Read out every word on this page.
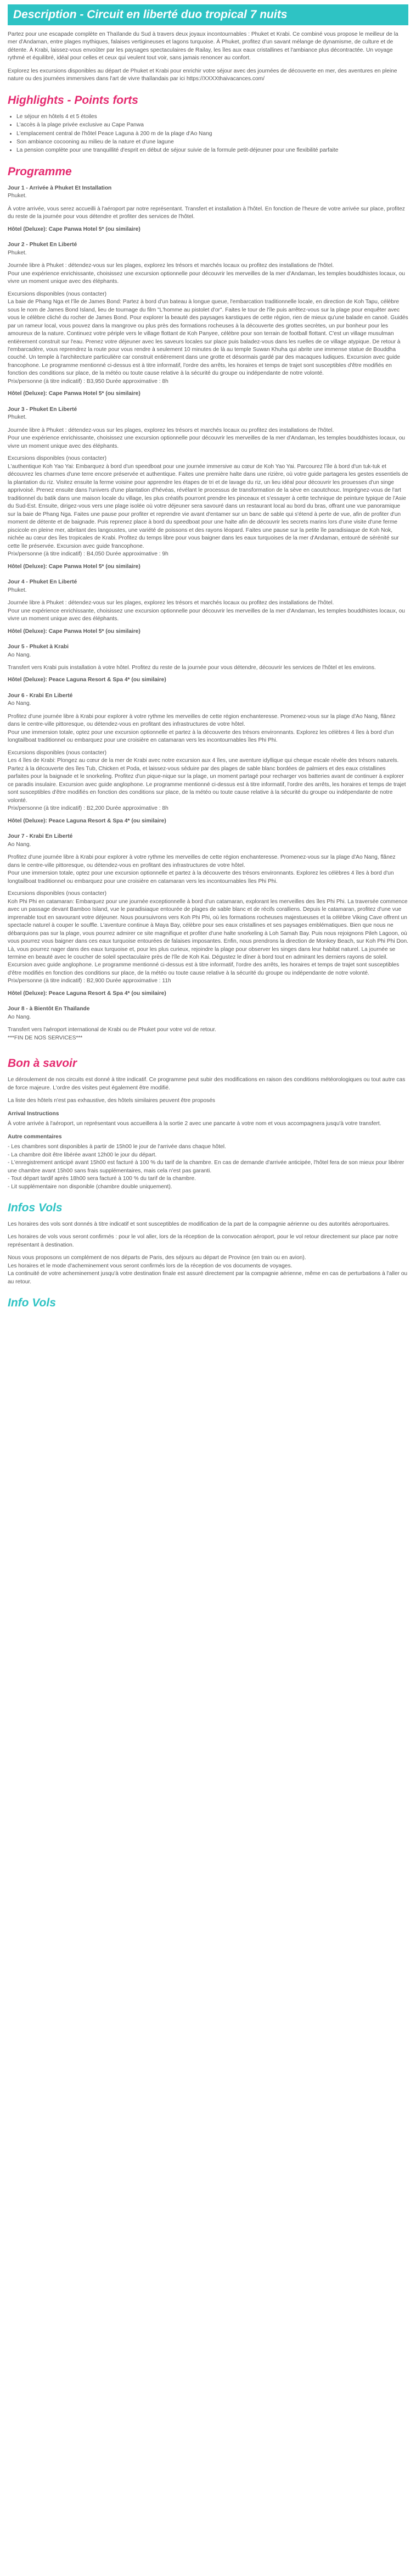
Description - Circuit en liberté duo tropical 7 nuits

Partez pour une escapade complète en Thaïlande du Sud à travers deux joyaux incontournables : Phuket et Krabi. Ce combiné vous propose le meilleur de la mer d'Andaman, entre plages mythiques, falaises vertigineuses et lagons turquoise. À Phuket, profitez d'un savant mélange de dynamisme, de culture et de détente. À Krabi, laissez-vous envoûter par les paysages spectaculaires de Railay, les îles aux eaux cristallines et l'ambiance plus décontractée. Un voyage rythmé et équilibré, idéal pour celles et ceux qui veulent tout voir, sans jamais renoncer au confort.

Explorez les excursions disponibles au départ de Phuket et Krabi pour enrichir votre séjour avec des journées de découverte en mer, des aventures en pleine nature ou des journées immersives dans l'art de vivre thaïlandais par ici https://XXXXthaivacances.com/

Highlights - Points forts
• Le séjour en hôtels 4 et 5 étoiles
• L'accès à la plage privée exclusive au Cape Panwa
• L'emplacement central de l'hôtel Peace Laguna à 200 m de la plage d'Ao Nang
• Son ambiance cocooning au milieu de la nature et d'une lagune
• La pension complète pour une tranquillité d'esprit en début de séjour suivie de la formule petit-déjeuner pour une flexibilité parfaite
Programme
Jour 1 - Arrivée à Phuket Et Installation

Phuket.

À votre arrivée, vous serez accueilli à l'aéroport par notre représentant. Transfert et installation à l'hôtel. En fonction de l'heure de votre arrivée sur place, profitez du reste de la journée pour vous détendre et profiter des services de l'hôtel.

Hôtel (Deluxe): Cape Panwa Hotel 5* (ou similaire)
Jour 2 - Phuket En Liberté

Phuket.

Journée libre à Phuket : détendez-vous sur les plages, explorez les trésors et marchés locaux ou profitez des installations de l'hôtel.

Pour une expérience enrichissante, choisissez une excursion optionnelle pour découvrir les merveilles de la mer d'Andaman, les temples bouddhistes locaux, ou vivre un moment unique avec des éléphants.

Excursions disponibles (nous contacter)

La baie de Phang Nga et l'île de James Bond: Partez à bord d'un bateau à longue queue, l'embarcation traditionnelle locale, en direction de Koh Tapu, célèbre sous le nom de James Bond Island, lieu de tournage du film "L'homme au pistolet d'or". Faites le tour de l'île puis arrêtez-vous sur la plage pour enquêter avec vous le célèbre cliché du rocher de James Bond. Pour explorer la beauté des paysages karstiques de cette région, rien de mieux qu'une balade en canoë. Guidés par un rameur local, vous pouvez dans la mangrove ou plus près des formations rocheuses à la découverte des grottes secrètes, un pur bonheur pour les amoureux de la nature. Continuez votre périple vers le village flottant de Koh Panyee, célèbre pour son terrain de football flottant. C'est un village musulman entièrement construit sur l'eau. Prenez votre déjeuner avec les saveurs locales sur place puis baladez-vous dans les ruelles de ce village atypique. De retour à l'embarcadère, vous reprendrez la route pour vous rendre à seulement 10 minutes de là au temple Suwan Khuha qui abrite une immense statue de Bouddha couché. Un temple à l'architecture particulière car construit entièrement dans une grotte et désormais gardé par des macaques ludiques. Excursion avec guide francophone. Le programme mentionné ci-dessus est à titre informatif, l'ordre des arrêts, les horaires et temps de trajet sont susceptibles d'être modifiés en fonction des conditions sur place, de la météo ou toute cause relative à la sécurité du groupe ou indépendante de notre volonté.

Prix/personne (à titre indicatif) : B3,950 Durée approximative : 8h

Hôtel (Deluxe): Cape Panwa Hotel 5* (ou similaire)
Jour 3 - Phuket En Liberté

Phuket.

Journée libre à Phuket : détendez-vous sur les plages, explorez les trésors et marchés locaux ou profitez des installations de l'hôtel.

Pour une expérience enrichissante, choisissez une excursion optionnelle pour découvrir les merveilles de la mer d'Andaman, les temples bouddhistes locaux, ou vivre un moment unique avec des éléphants.

Excursions disponibles (nous contacter)

L'authentique Koh Yao Yai: Embarquez à bord d'un speedboat pour une journée immersive au cœur de Koh Yao Yai. Parcourez l'île à bord d'un tuk-tuk et découvrez les charmes d'une terre encore préservée et authentique. Faites une première halte dans une rizière, où votre guide partagera les gestes essentiels de la plantation du riz. Visitez ensuite la ferme voisine pour apprendre les étapes de tri et de lavage du riz, un lieu idéal pour découvrir les prouesses d'un singe apprivoisé. Prenez ensuite dans l'univers d'une plantation d'hévéas, révélant le processus de transformation de la sève en caoutchouc. Imprégnez-vous de l'art traditionnel du batik dans une maison locale du village, les plus créatifs pourront prendre les pinceaux et s'essayer à cette technique de peinture typique de l'Asie du Sud-Est. Ensuite, dirigez-vous vers une plage isolée où votre déjeuner sera savouré dans un restaurant local au bord du bras, offrant une vue panoramique sur la baie de Phang Nga. Faites une pause pour profiter et reprendre vie avant d'entamer sur un banc de sable qui s'étend à perte de vue, afin de profiter d'un moment de détente et de baignade. Puis reprenez place à bord du speedboat pour une halte afin de découvrir les secrets marins lors d'une visite d'une ferme piscicole en pleine mer, abritant des langoustes, une variété de poissons et des rayons léopard. Faites une pause sur la petite île paradisiaque de Koh Nok, nichée au cœur des îles tropicales de Krabi. Profitez du temps libre pour vous baigner dans les eaux turquoises de la mer d'Andaman, entouré de sérénité sur cette île préservée. Excursion avec guide francophone.

Prix/personne (à titre indicatif) : B4,050 Durée approximative : 9h

Hôtel (Deluxe): Cape Panwa Hotel 5* (ou similaire)
Jour 4 - Phuket En Liberté

Phuket.

Journée libre à Phuket : détendez-vous sur les plages, explorez les trésors et marchés locaux ou profitez des installations de l'hôtel.

Pour une expérience enrichissante, choisissez une excursion optionnelle pour découvrir les merveilles de la mer d'Andaman, les temples bouddhistes locaux, ou vivre un moment unique avec des éléphants.

Hôtel (Deluxe): Cape Panwa Hotel 5* (ou similaire)
Jour 5 - Phuket à Krabi

Ao Nang.

Transfert vers Krabi puis installation à votre hôtel. Profitez du reste de la journée pour vous détendre, découvrir les services de l'hôtel et les environs.

Hôtel (Deluxe): Peace Laguna Resort & Spa 4* (ou similaire)
Jour 6 - Krabi En Liberté

Ao Nang.

Profitez d'une journée libre à Krabi pour explorer à votre rythme les merveilles de cette région enchanteresse. Promenez-vous sur la plage d'Ao Nang, flânez dans le centre-ville pittoresque, ou détendez-vous en profitant des infrastructures de votre hôtel.

Pour une immersion totale, optez pour une excursion optionnelle et partez à la découverte des trésors environnants. Explorez les célèbres 4 îles à bord d'un longtailboat traditionnel ou embarquez pour une croisière en catamaran vers les incontournables îles Phi Phi.

Excursions disponibles (nous contacter)

Les 4 îles de Krabi: Plongez au cœur de la mer de Krabi avec notre excursion aux 4 îles, une aventure idyllique qui cheque escale révèle des trésors naturels. Partez à la découverte des îles Tub, Chicken et Poda, et laissez-vous séduire par des plages de sable blanc bordées de palmiers et des eaux cristallines parfaites pour la baignade et le snorkeling. Profitez d'un pique-nique sur la plage, un moment partagé pour recharger vos batteries avant de continuer à explorer ce paradis insulaire. Excursion avec guide anglophone. Le programme mentionné ci-dessus est à titre informatif, l'ordre des arrêts, les horaires et temps de trajet sont susceptibles d'être modifiés en fonction des conditions sur place, de la météo ou toute cause relative à la sécurité du groupe ou indépendante de notre volonté.

Prix/personne (à titre indicatif) : B2,200 Durée approximative : 8h

Hôtel (Deluxe): Peace Laguna Resort & Spa 4* (ou similaire)
Jour 7 - Krabi En Liberté

Ao Nang.

Profitez d'une journée libre à Krabi pour explorer à votre rythme les merveilles de cette région enchanteresse. Promenez-vous sur la plage d'Ao Nang, flânez dans le centre-ville pittoresque, ou détendez-vous en profitant des infrastructures de votre hôtel.

Pour une immersion totale, optez pour une excursion optionnelle et partez à la découverte des trésors environnants. Explorez les célèbres 4 îles à bord d'un longtailboat traditionnel ou embarquez pour une croisière en catamaran vers les incontournables îles Phi Phi.

Excursions disponibles (nous contacter)

Koh Phi Phi en catamaran: Embarquez pour une journée exceptionnelle à bord d'un catamaran, explorant les merveilles des îles Phi Phi. La traversée commence avec un passage devant Bamboo Island, vue le paradisiaque entourée de plages de sable blanc et de récifs coralliens. Depuis le catamaran, profitez d'une vue imprenable tout en savourant votre déjeuner. Nous poursuivrons vers Koh Phi Phi, où les formations rocheuses majestueuses et la célèbre Viking Cave offrent un spectacle naturel à couper le souffle. L'aventure continue à Maya Bay, célèbre pour ses eaux cristallines et ses paysages emblématiques. Bien que nous ne débarquions pas sur la plage, vous pourrez admirer ce site magnifique et profiter d'une halte snorkeling à Loh Samah Bay. Puis nous rejoignons Pileh Lagoon, où vous pourrez vous baigner dans ces eaux turquoise entourées de falaises imposantes. Enfin, nous prendrons la direction de Monkey Beach, sur Koh Phi Phi Don. Là, vous pourrez nager dans des eaux turquoise et, pour les plus curieux, rejoindre la plage pour observer les singes dans leur habitat naturel. La journée se termine en beauté avec le coucher de soleil spectaculaire près de l'île de Koh Kai. Dégustez le dîner à bord tout en admirant les derniers rayons de soleil. Excursion avec guide anglophone. Le programme mentionné ci-dessus est à titre informatif, l'ordre des arrêts, les horaires et temps de trajet sont susceptibles d'être modifiés en fonction des conditions sur place, de la météo ou toute cause relative à la sécurité du groupe ou indépendante de notre volonté.

Prix/personne (à titre indicatif) : B2,900 Durée approximative : 11h

Hôtel (Deluxe): Peace Laguna Resort & Spa 4* (ou similaire)
Jour 8 - à Bientôt En Thaïlande

Ao Nang.

Transfert vers l'aéroport international de Krabi ou de Phuket pour votre vol de retour.

***FIN DE NOS SERVICES***

Bon à savoir

Le déroulement de nos circuits est donné à titre indicatif. Ce programme peut subir des modifications en raison des conditions météorologiques ou tout autre cas de force majeure. L'ordre des visites peut également être modifié.

La liste des hôtels n'est pas exhaustive, des hôtels similaires peuvent être proposés

Arrival Instructions

À votre arrivée à l'aéroport, un représentant vous accueillera à la sortie 2 avec une pancarte à votre nom et vous accompagnera jusqu'à votre transfert.

Autre commentaires

- Les chambres sont disponibles à partir de 15h00 le jour de l'arrivée dans chaque hôtel.

- La chambre doit être libérée avant 12h00 le jour du départ.

- L'enregistrement anticipé avant 15h00 est facturé à 100 % du tarif de la chambre. En cas de demande d'arrivée anticipée, l'hôtel fera de son mieux pour libérer une chambre avant 15h00 sans frais supplémentaires, mais cela n'est pas garanti.

- Tout départ tardif après 18h00 sera facturé à 100 % du tarif de la chambre.

- Lit supplémentaire non disponible (chambre double uniquement).

Infos Vols

Les horaires des vols sont donnés à titre indicatif et sont susceptibles de modification de la part de la compagnie aérienne ou des autorités aéroportuaires.

Les horaires de vols vous seront confirmés : pour le vol aller, lors de la réception de la convocation aéroport, pour le vol retour directement sur place par notre représentant à destination.

Nous vous proposons un complément de nos départs de Paris, des séjours au départ de Province (en train ou en avion).

Les horaires et le mode d'acheminement vous seront confirmés lors de la réception de vos documents de voyages.

La continuité de votre acheminement jusqu'à votre destination finale est assuré directement par la compagnie aérienne, même en cas de perturbations à l'aller ou au retour.

Info Vols
